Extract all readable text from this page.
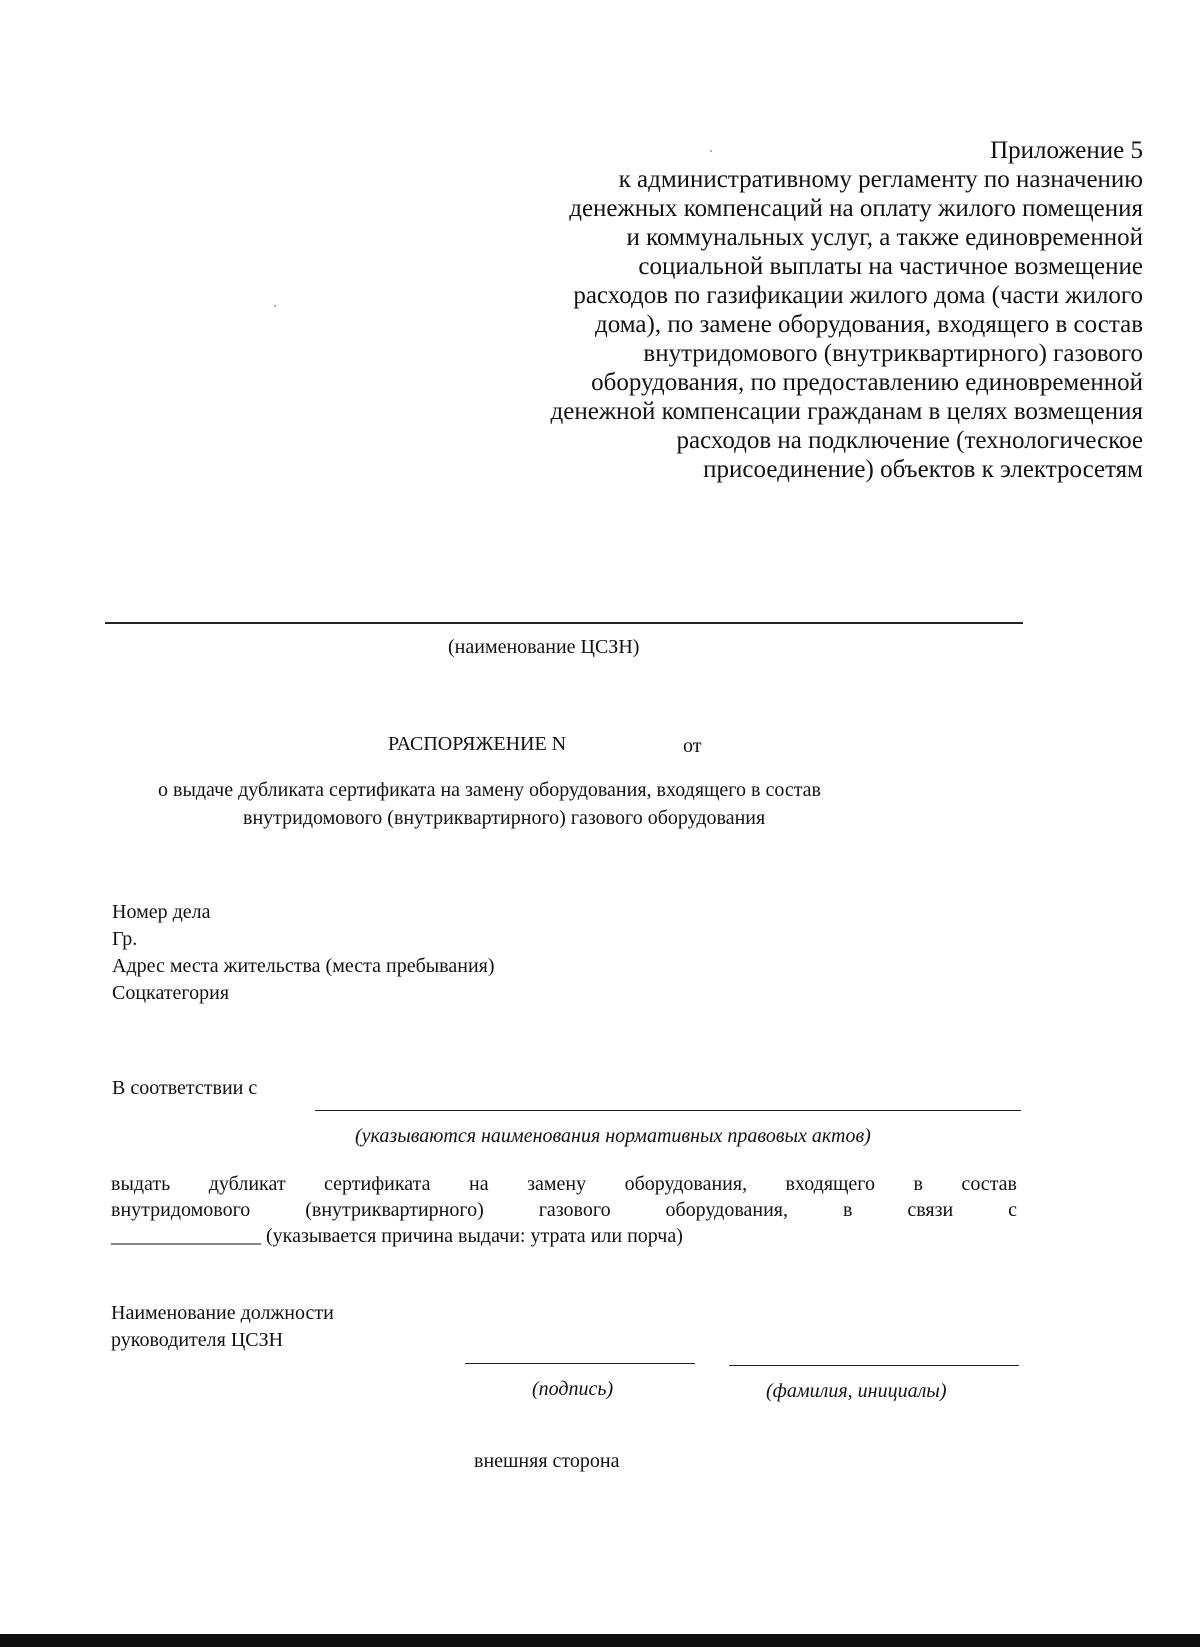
Приложение 5
к административному регламенту по назначению
денежных компенсаций на оплату жилого помещения
и коммунальных услуг, а также единовременной
социальной выплаты на частичное возмещение
расходов по газификации жилого дома (части жилого
дома), по замене оборудования, входящего в состав
внутридомового (внутриквартирного) газового
оборудования, по предоставлению единовременной
денежной компенсации гражданам в целях возмещения
расходов на подключение (технологическое
присоединение) объектов к электросетям
(наименование ЦСЗН)
РАСПОРЯЖЕНИЕ N	от
о выдаче дубликата сертификата на замену оборудования, входящего в состав
внутридомового (внутриквартирного) газового оборудования
Номер дела
Гр.
Адрес места жительства (места пребывания)
Соцкатегория
В соответствии с
(указываются наименования нормативных правовых актов)
выдать дубликат сертификата на замену оборудования, входящего в состав
внутридомового (внутриквартирного) газового оборудования, в связи с
_______________ (указывается причина выдачи: утрата или порча)
Наименование должности
руководителя ЦСЗН
(подпись)	(фамилия, инициалы)
внешняя сторона
